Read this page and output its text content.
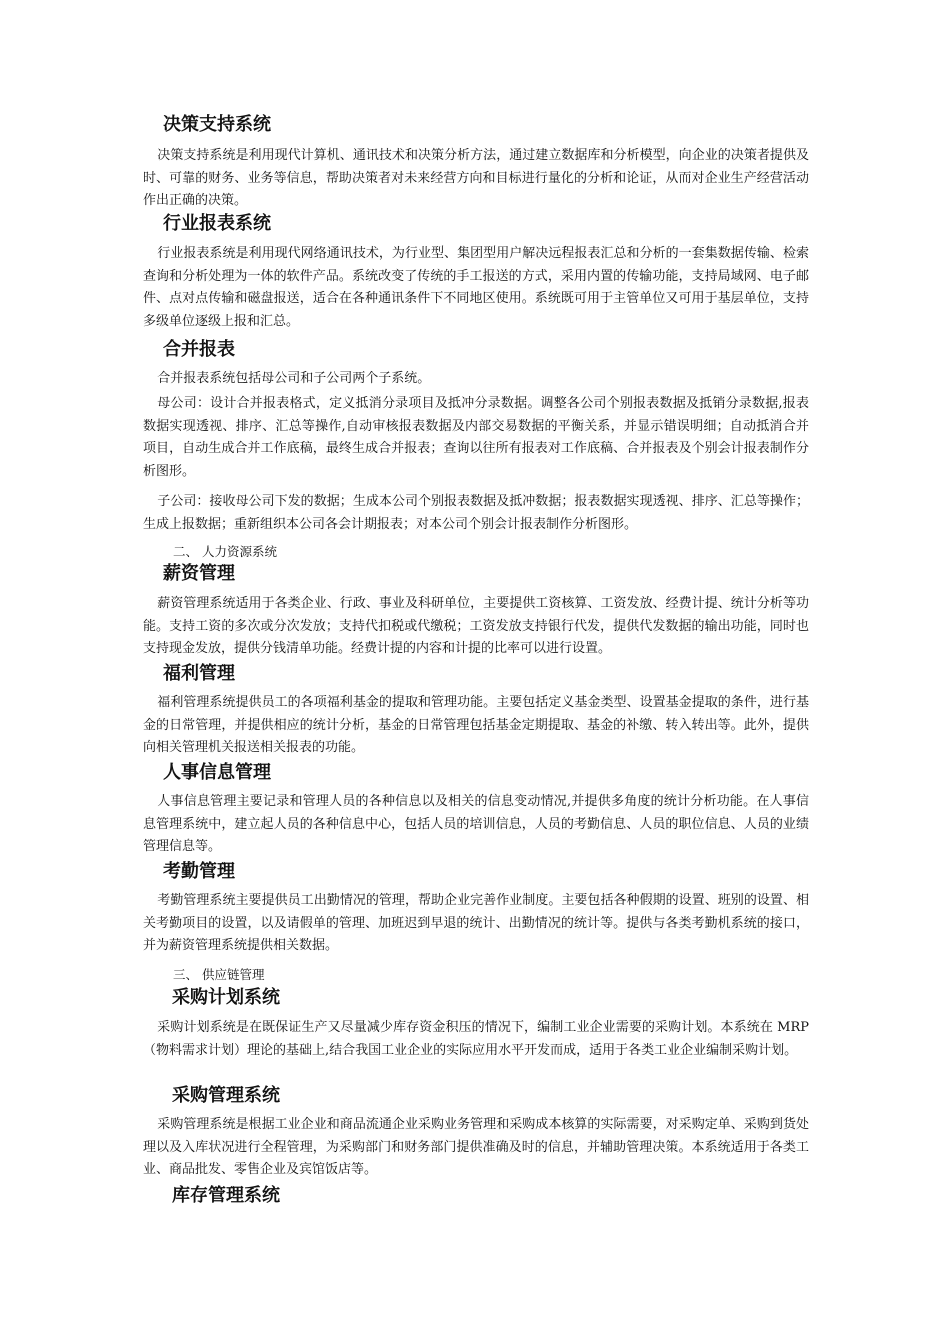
决策支持系统

决策支持系统是利用现代计算机、通讯技术和决策分析方法，通过建立数据库和分析模型，向企业的决策者提供及时、可靠的财务、业务等信息，帮助决策者对未来经营方向和目标进行量化的分析和论证，从而对企业生产经营活动作出正确的决策。

行业报表系统

行业报表系统是利用现代网络通讯技术，为行业型、集团型用户解决远程报表汇总和分析的一套集数据传输、检索查询和分析处理为一体的软件产品。系统改变了传统的手工报送的方式，采用内置的传输功能，支持局域网、电子邮件、点对点传输和磁盘报送，适合在各种通讯条件下不同地区使用。系统既可用于主管单位又可用于基层单位，支持多级单位逐级上报和汇总。

合并报表

合并报表系统包括母公司和子公司两个子系统。

母公司：设计合并报表格式，定义抵消分录项目及抵冲分录数据。调整各公司个别报表数据及抵销分录数据,报表数据实现透视、排序、汇总等操作,自动审核报表数据及内部交易数据的平衡关系，并显示错误明细；自动抵消合并项目，自动生成合并工作底稿，最终生成合并报表；查询以往所有报表对工作底稿、合并报表及个别会计报表制作分析图形。

子公司：接收母公司下发的数据；生成本公司个别报表数据及抵冲数据；报表数据实现透视、排序、汇总等操作；生成上报数据；重新组织本公司各会计期报表；对本公司个别会计报表制作分析图形。

二、 人力资源系统
薪资管理

薪资管理系统适用于各类企业、行政、事业及科研单位，主要提供工资核算、工资发放、经费计提、统计分析等功能。支持工资的多次或分次发放；支持代扣税或代缴税；工资发放支持银行代发，提供代发数据的输出功能，同时也支持现金发放，提供分钱清单功能。经费计提的内容和计提的比率可以进行设置。

福利管理

福利管理系统提供员工的各项福利基金的提取和管理功能。主要包括定义基金类型、设置基金提取的条件，进行基金的日常管理，并提供相应的统计分析，基金的日常管理包括基金定期提取、基金的补缴、转入转出等。此外，提供向相关管理机关报送相关报表的功能。

人事信息管理

人事信息管理主要记录和管理人员的各种信息以及相关的信息变动情况,并提供多角度的统计分析功能。在人事信息管理系统中，建立起人员的各种信息中心，包括人员的培训信息，人员的考勤信息、人员的职位信息、人员的业绩管理信息等。

考勤管理

考勤管理系统主要提供员工出勤情况的管理，帮助企业完善作业制度。主要包括各种假期的设置、班别的设置、相关考勤项目的设置，以及请假单的管理、加班迟到早退的统计、出勤情况的统计等。提供与各类考勤机系统的接口，并为薪资管理系统提供相关数据。

三、 供应链管理
采购计划系统

采购计划系统是在既保证生产又尽量减少库存资金积压的情况下，编制工业企业需要的采购计划。本系统在 MRP（物料需求计划）理论的基础上,结合我国工业企业的实际应用水平开发而成，适用于各类工业企业编制采购计划。

采购管理系统

采购管理系统是根据工业企业和商品流通企业采购业务管理和采购成本核算的实际需要，对采购定单、采购到货处理以及入库状况进行全程管理，为采购部门和财务部门提供准确及时的信息，并辅助管理决策。本系统适用于各类工业、商品批发、零售企业及宾馆饭店等。

库存管理系统
